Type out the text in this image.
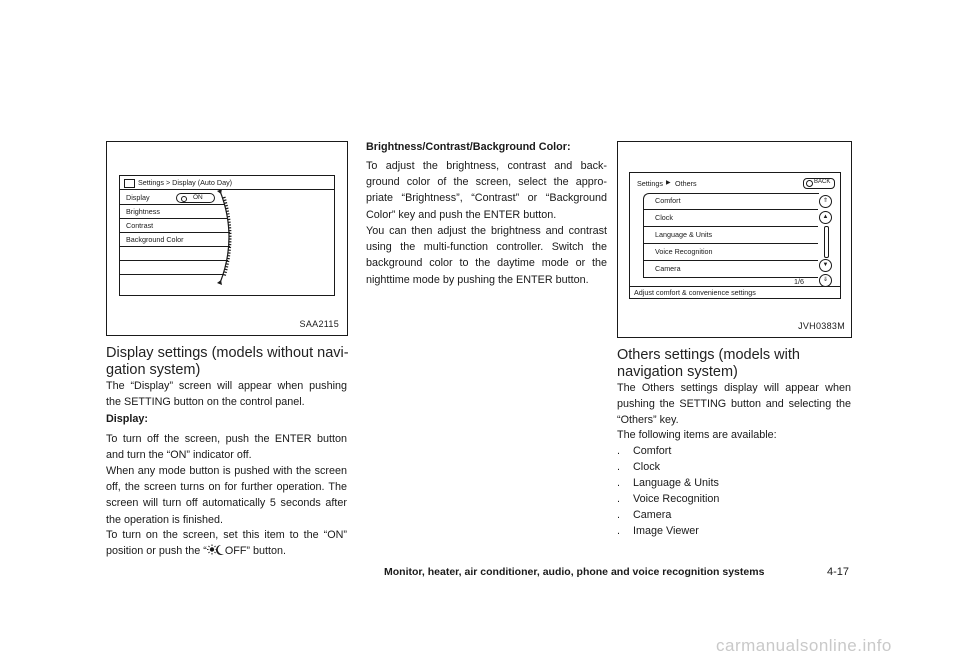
Settings > Display (Auto Day)
Display	ON
Brightness
Contrast
Background Color
SAA2115
Display settings (models without navi- gation system)
The “Display” screen will appear when pushing the SETTING button on the control panel.
Display:
To turn off the screen, push the ENTER button and turn the “ON” indicator off.
When any mode button is pushed with the screen off, the screen turns on for further operation. The screen will turn off automatically 5 seconds after the operation is finished.
To turn on the screen, set this item to the “ON” position or push the “ OFF” button.
Brightness/Contrast/Background Color:
To adjust the brightness, contrast and back- ground color of the screen, select the appro- priate “Brightness”, “Contrast” or “Background Color” key and push the ENTER button.
You can then adjust the brightness and contrast using the multi-function controller. Switch the background color to the daytime mode or the nighttime mode by pushing the ENTER button.
Settings ▶ Others	BACK
Comfort
Clock
Language & Units
Voice Recognition
Camera
1/6
⇑
▲
▼
⇓
Adjust comfort & convenience settings
JVH0383M
Others settings (models with navigation system)
The Others settings display will appear when pushing the SETTING button and selecting the “Others” key.
The following items are available:
. Comfort
. Clock
. Language & Units
. Voice Recognition
. Camera
. Image Viewer
Monitor, heater, air conditioner, audio, phone and voice recognition systems	4-17
carmanualsonline.info
